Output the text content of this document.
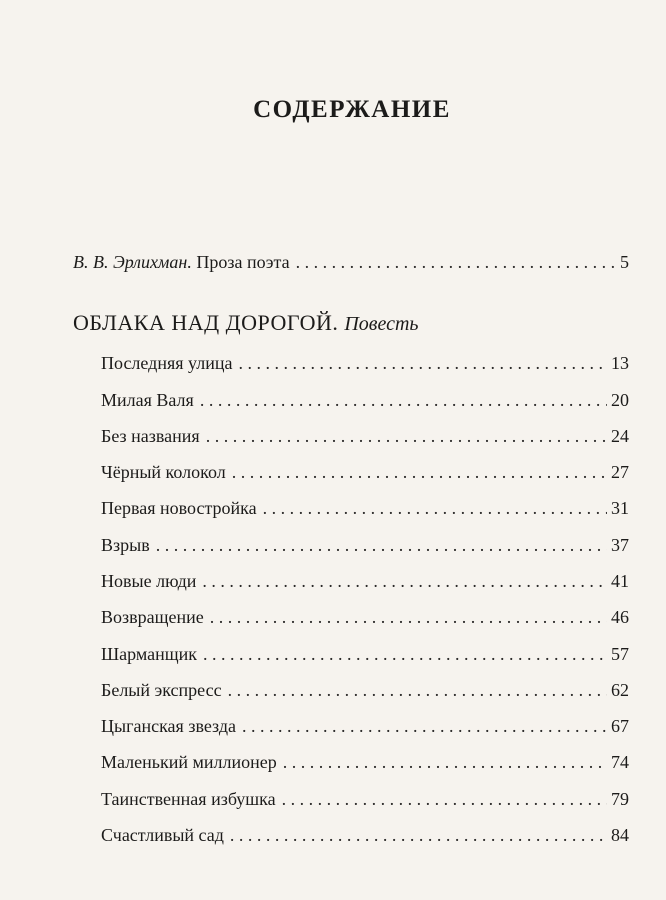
СОДЕРЖАНИЕ
В. В. Эрлихман. Проза поэта . . .	5
ОБЛАКА НАД ДОРОГОЙ. Повесть
Последняя улица . . .	13
Милая Валя . . .	20
Без названия . . .	24
Чёрный колокол . . .	27
Первая новостройка . . .	31
Взрыв . . .	37
Новые люди . . .	41
Возвращение . . .	46
Шарманщик . . .	57
Белый экспресс . . .	62
Цыганская звезда . . .	67
Маленький миллионер . . .	74
Таинственная избушка . . .	79
Счастливый сад . . .	84
